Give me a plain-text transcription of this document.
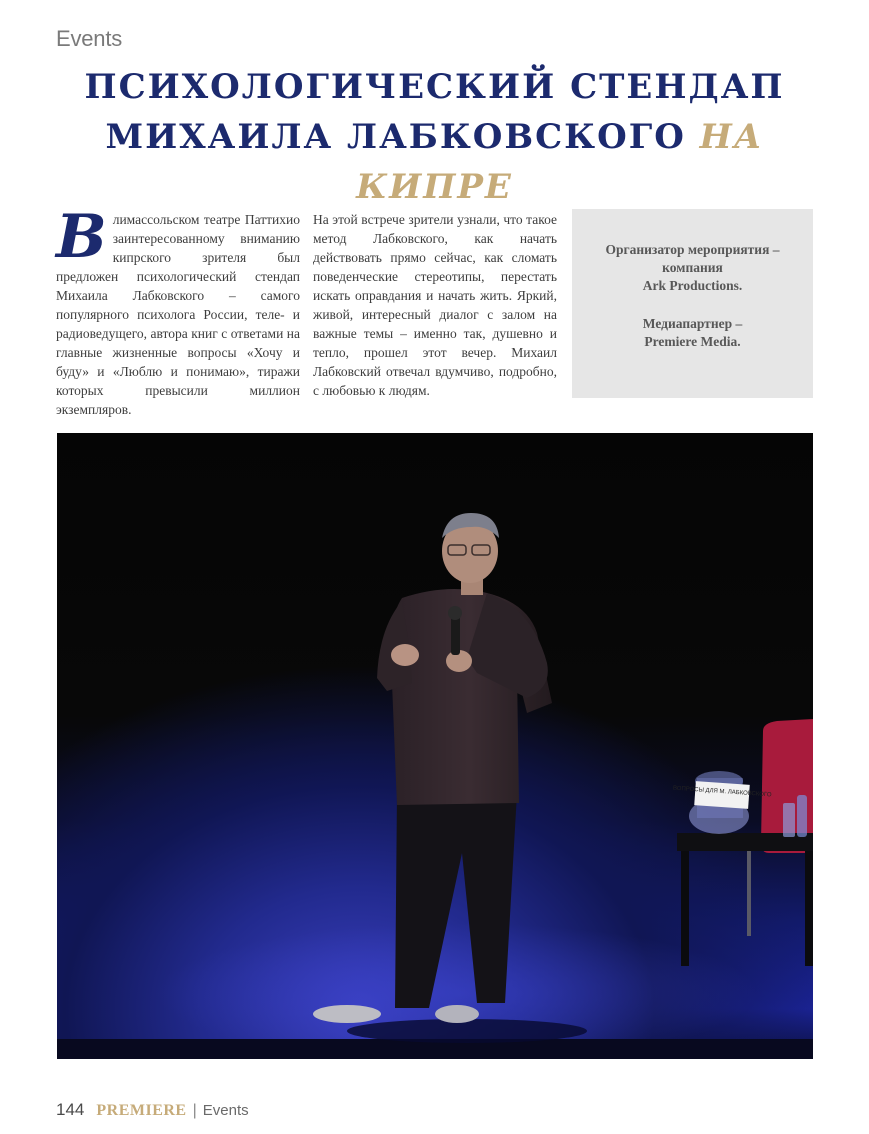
Events
ПСИХОЛОГИЧЕСКИЙ СТЕНДАП
МИХАИЛА ЛАБКОВСКОГО НА КИПРЕ
В лимассольском театре Паттихио заинтересованному вниманию кипрского зрителя был предложен психологический стендап Михаила Лабковского – самого популярного психолога России, теле- и радиоведущего, автора книг с ответами на главные жизненные вопросы «Хочу и буду» и «Люблю и понимаю», тиражи которых превысили миллион экземпляров.
На этой встрече зрители узнали, что такое метод Лабковского, как начать действовать прямо сейчас, как сломать поведенческие стереотипы, перестать искать оправдания и начать жить. Яркий, живой, интересный диалог с залом на важные темы – именно так, душевно и тепло, прошел этот вечер. Михаил Лабковский отвечал вдумчиво, подробно, с любовью к людям.

Организатор мероприятия – компания

Ark Productions.

Медиапартнер –

Premiere Media.

ВОПРОСЫ ДЛЯ М. ЛАБКОВСКОГО
144 PREMIERE | Events
